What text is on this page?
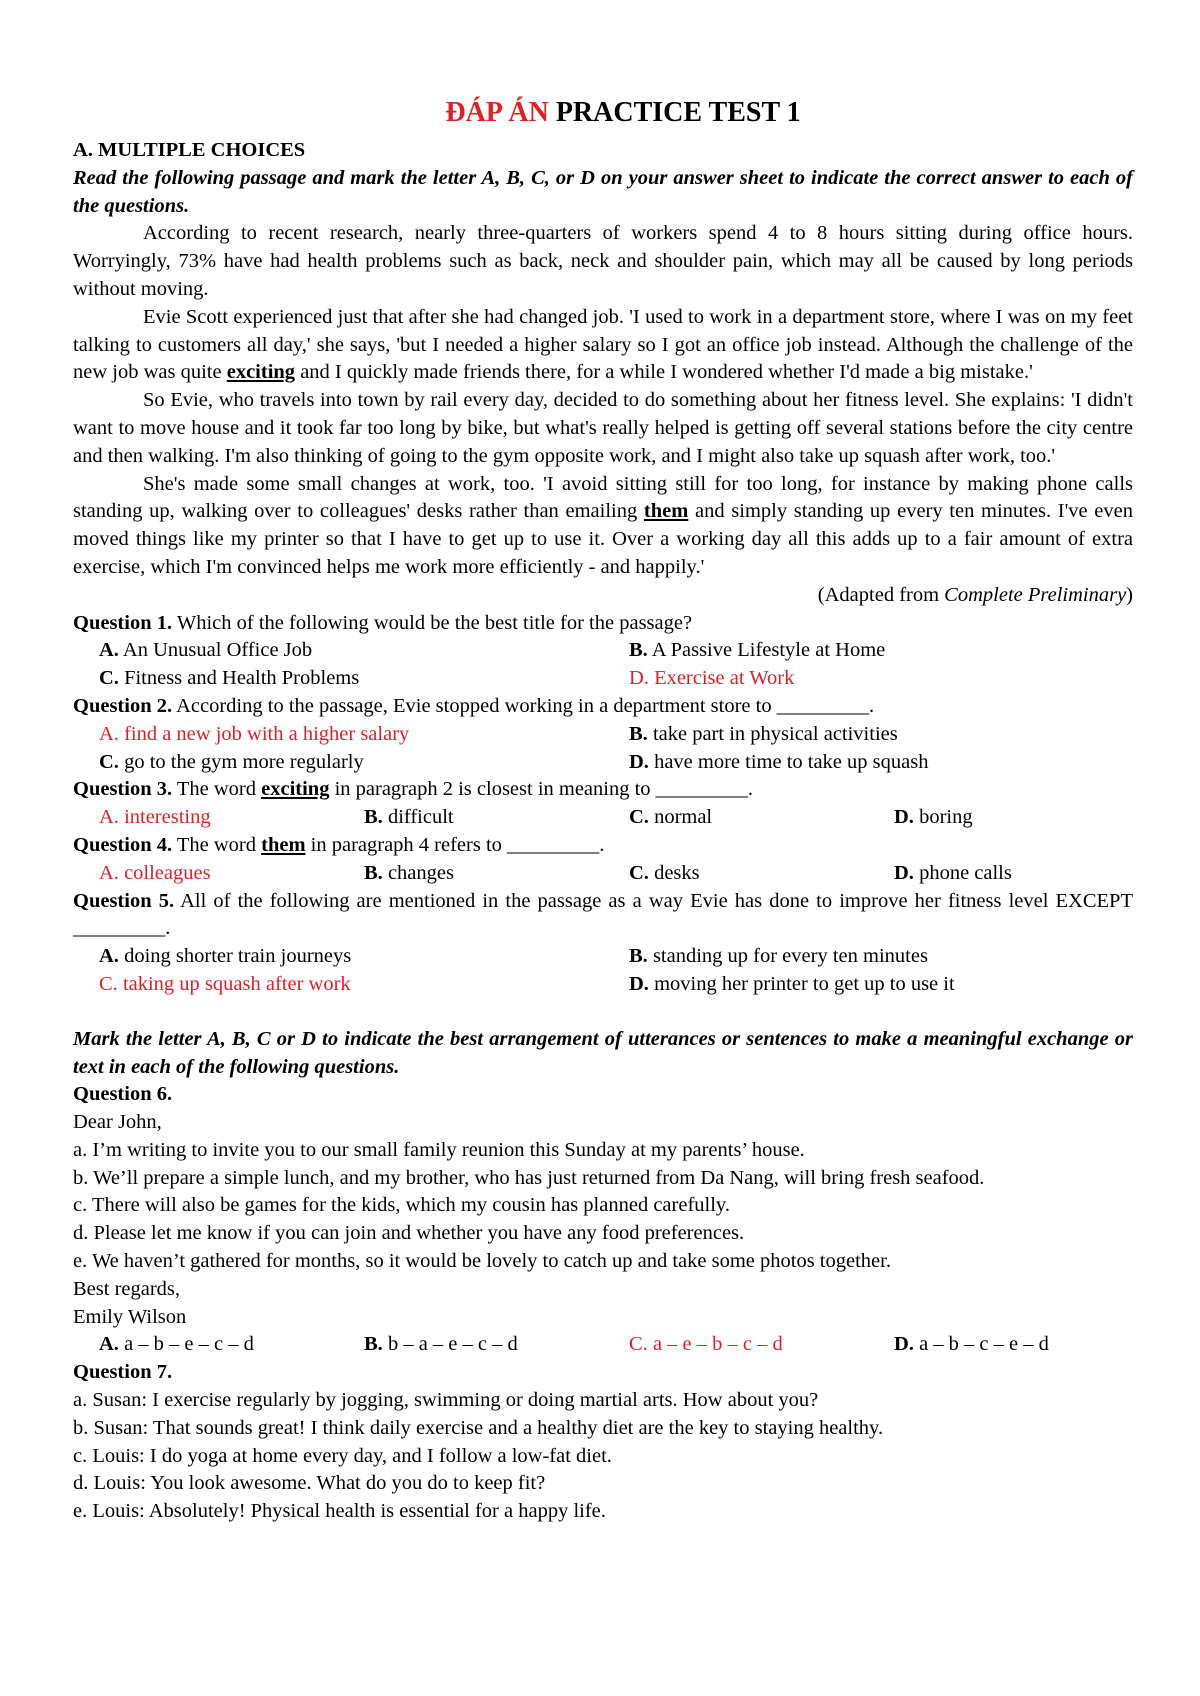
ĐÁP ÁN PRACTICE TEST 1
A. MULTIPLE CHOICES
Read the following passage and mark the letter A, B, C, or D on your answer sheet to indicate the correct answer to each of the questions.
According to recent research, nearly three-quarters of workers spend 4 to 8 hours sitting during office hours. Worryingly, 73% have had health problems such as back, neck and shoulder pain, which may all be caused by long periods without moving.
Evie Scott experienced just that after she had changed job. 'I used to work in a department store, where I was on my feet talking to customers all day,' she says, 'but I needed a higher salary so I got an office job instead. Although the challenge of the new job was quite exciting and I quickly made friends there, for a while I wondered whether I'd made a big mistake.'
So Evie, who travels into town by rail every day, decided to do something about her fitness level. She explains: 'I didn't want to move house and it took far too long by bike, but what's really helped is getting off several stations before the city centre and then walking. I'm also thinking of going to the gym opposite work, and I might also take up squash after work, too.'
She's made some small changes at work, too. 'I avoid sitting still for too long, for instance by making phone calls standing up, walking over to colleagues' desks rather than emailing them and simply standing up every ten minutes. I've even moved things like my printer so that I have to get up to use it. Over a working day all this adds up to a fair amount of extra exercise, which I'm convinced helps me work more efficiently - and happily.'
(Adapted from Complete Preliminary)
Question 1. Which of the following would be the best title for the passage?
A. An Unusual Office Job	B. A Passive Lifestyle at Home
C. Fitness and Health Problems	D. Exercise at Work
Question 2. According to the passage, Evie stopped working in a department store to _________.
A. find a new job with a higher salary	B. take part in physical activities
C. go to the gym more regularly	D. have more time to take up squash
Question 3. The word exciting in paragraph 2 is closest in meaning to _________.
A. interesting	B. difficult	C. normal	D. boring
Question 4. The word them in paragraph 4 refers to _________.
A. colleagues	B. changes	C. desks	D. phone calls
Question 5. All of the following are mentioned in the passage as a way Evie has done to improve her fitness level EXCEPT _________.
A. doing shorter train journeys	B. standing up for every ten minutes
C. taking up squash after work	D. moving her printer to get up to use it
Mark the letter A, B, C or D to indicate the best arrangement of utterances or sentences to make a meaningful exchange or text in each of the following questions.
Question 6.
Dear John,
a. I’m writing to invite you to our small family reunion this Sunday at my parents’ house.
b. We’ll prepare a simple lunch, and my brother, who has just returned from Da Nang, will bring fresh seafood.
c. There will also be games for the kids, which my cousin has planned carefully.
d. Please let me know if you can join and whether you have any food preferences.
e. We haven’t gathered for months, so it would be lovely to catch up and take some photos together.
Best regards,
Emily Wilson
A. a – b – e – c – d	B. b – a – e – c – d	C. a – e – b – c – d	D. a – b – c – e – d
Question 7.
a. Susan: I exercise regularly by jogging, swimming or doing martial arts. How about you?
b. Susan: That sounds great! I think daily exercise and a healthy diet are the key to staying healthy.
c. Louis: I do yoga at home every day, and I follow a low-fat diet.
d. Louis: You look awesome. What do you do to keep fit?
e. Louis: Absolutely! Physical health is essential for a happy life.
